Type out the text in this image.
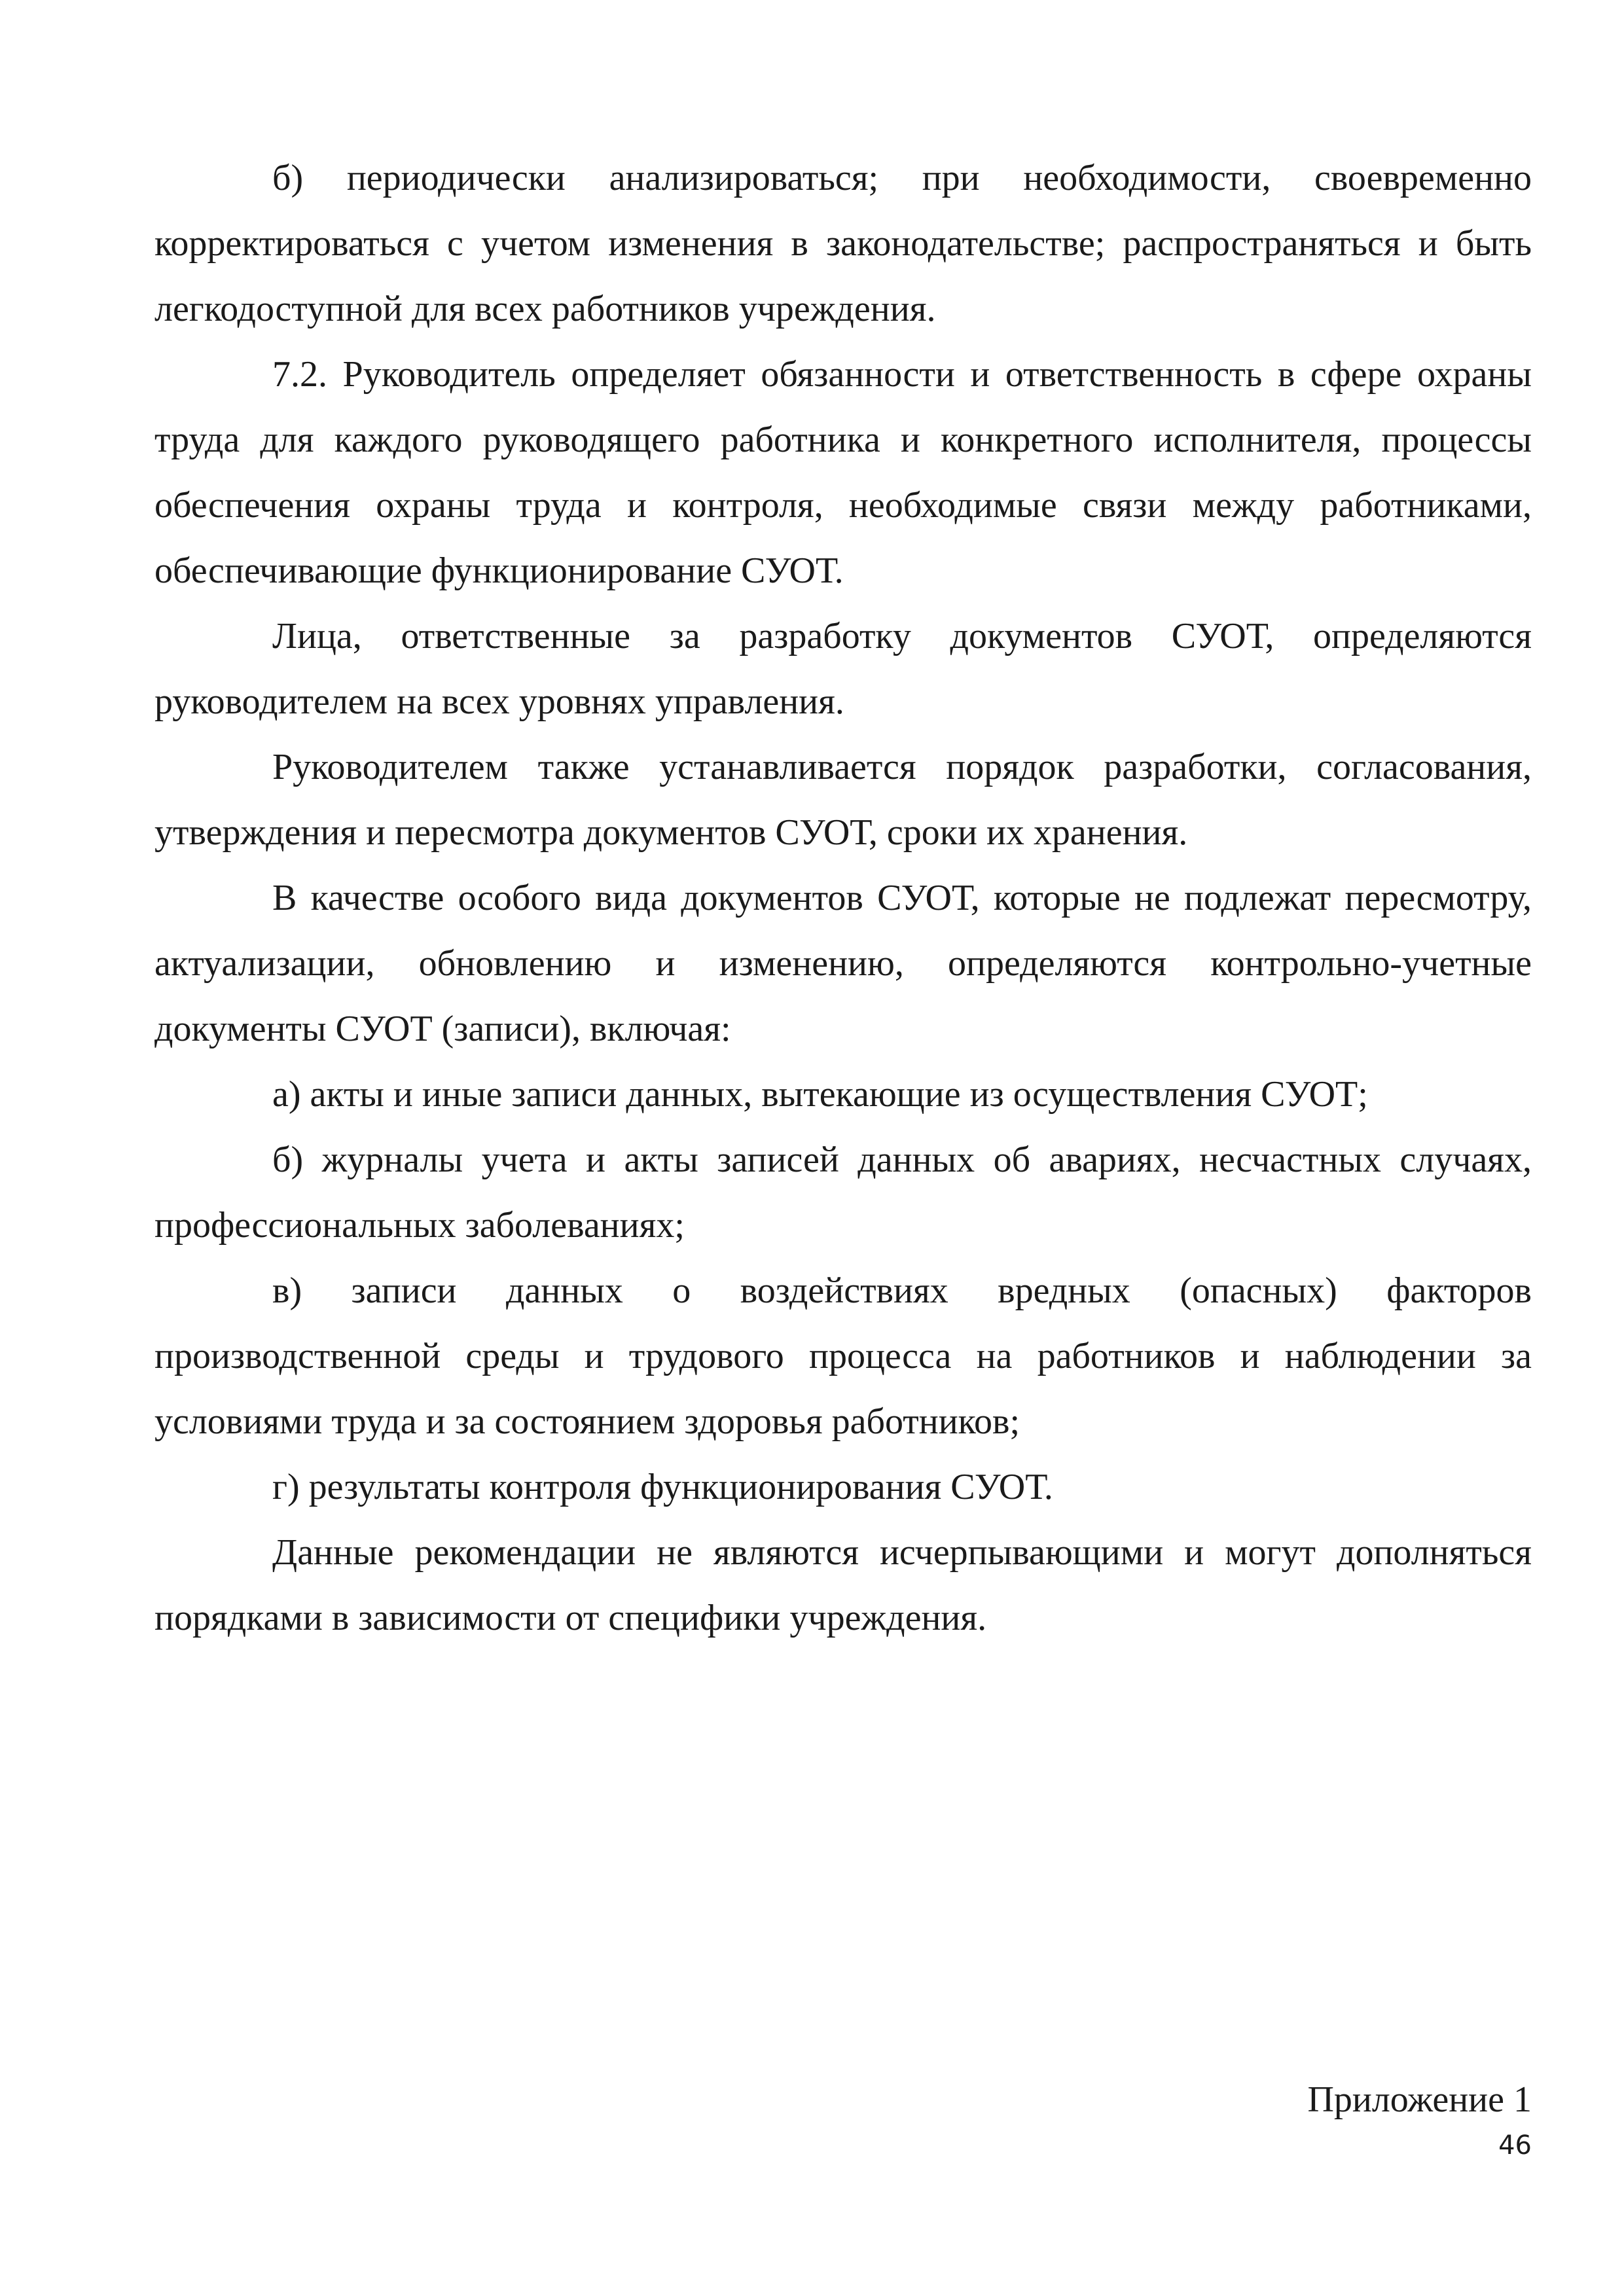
б) периодически анализироваться; при необходимости, своевременно корректироваться с учетом изменения в законодательстве; распространяться и быть легкодоступной для всех работников учреждения.

7.2. Руководитель определяет обязанности и ответственность в сфере охраны труда для каждого руководящего работника и конкретного исполнителя, процессы обеспечения охраны труда и контроля, необходимые связи между работниками, обеспечивающие функционирование СУОТ.

Лица, ответственные за разработку документов СУОТ, определяются руководителем на всех уровнях управления.

Руководителем также устанавливается порядок разработки, согласования, утверждения и пересмотра документов СУОТ, сроки их хранения.

В качестве особого вида документов СУОТ, которые не подлежат пересмотру, актуализации, обновлению и изменению, определяются контрольно-учетные документы СУОТ (записи), включая:

а) акты и иные записи данных, вытекающие из осуществления СУОТ;

б) журналы учета и акты записей данных об авариях, несчастных случаях, профессиональных заболеваниях;

в) записи данных о воздействиях вредных (опасных) факторов производственной среды и трудового процесса на работников и наблюдении за условиями труда и за состоянием здоровья работников;

г) результаты контроля функционирования СУОТ.

Данные рекомендации не являются исчерпывающими и могут дополняться порядками в зависимости от специфики учреждения.

Приложение 1

46
